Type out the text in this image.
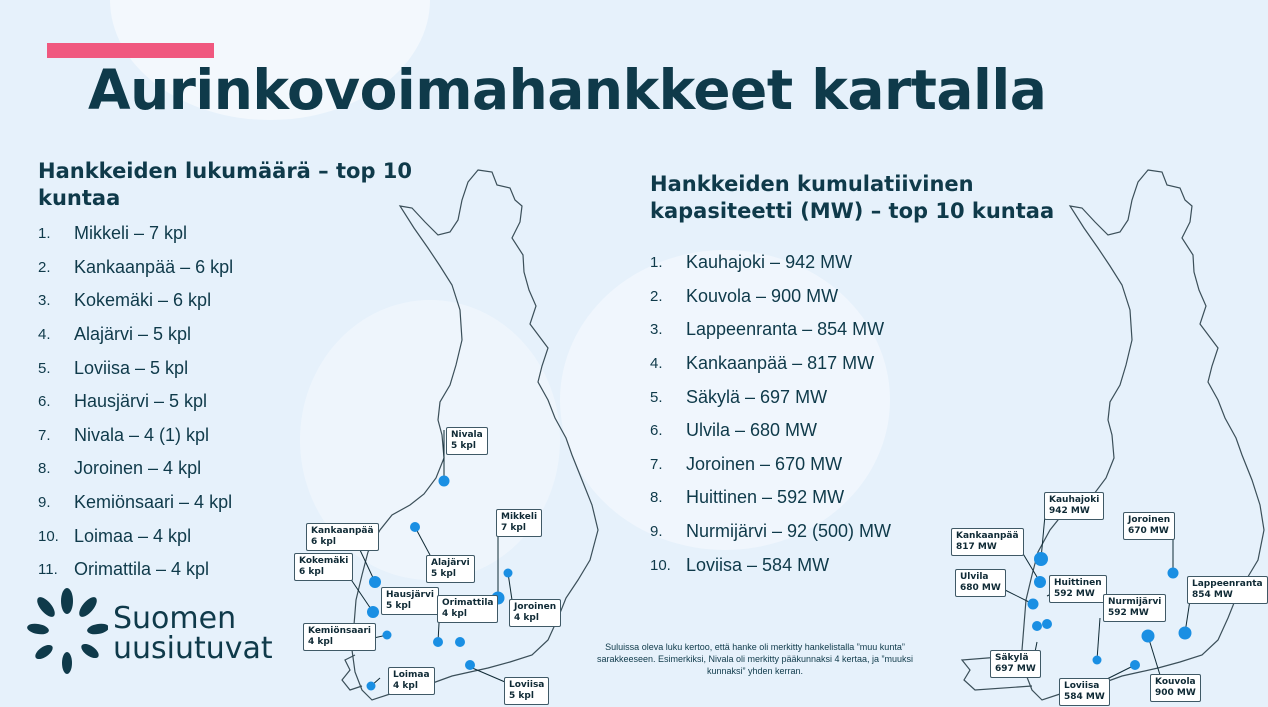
Aurinkovoimahankkeet kartalla
Hankkeiden lukumäärä – top 10
kuntaa
1.	Mikkeli – 7 kpl
2.	Kankaanpää – 6 kpl
3.	Kokemäki – 6 kpl
4.	Alajärvi – 5 kpl
5.	Loviisa – 5 kpl
6.	Hausjärvi – 5 kpl
7.	Nivala – 4 (1) kpl
8.	Joroinen – 4 kpl
9.	Kemiönsaari – 4 kpl
10. Loimaa – 4 kpl
11. Orimattila – 4 kpl
Hankkeiden kumulatiivinen
kapasiteetti (MW) – top 10 kuntaa
1.	Kauhajoki – 942 MW
2.	Kouvola – 900 MW
3.	Lappeenranta – 854 MW
4.	Kankaanpää – 817 MW
5.	Säkylä – 697 MW
6.	Ulvila – 680 MW
7.	Joroinen – 670 MW
8.	Huittinen – 592 MW
9.	Nurmijärvi – 92 (500) MW
10. Loviisa – 584 MW
Nivala
5 kpl
Mikkeli
7 kpl
Kankaanpää
6 kpl
Alajärvi
5 kpl
Kokemäki
6 kpl
Hausjärvi
5 kpl	Orimattila
4 kpl
Joroinen
4 kpl
Kemiönsaari
4 kpl
Loimaa
4 kpl	Loviisa
5 kpl
Kauhajoki
942 MW
Joroinen
670 MW
Kankaanpää
817 MW
Ulvila
680 MW	Huittinen
592 MW
Lappeenranta
854 MW
Nurmijärvi
592 MW
Säkylä
697 MW
Loviisa
584 MW
Kouvola
900 MW
Suluissa oleva luku kertoo, että hanke oli merkitty hankelistalla ”muu kunta”
sarakkeeseen. Esimerkiksi, Nivala oli merkitty pääkunnaksi 4 kertaa, ja ”muuksi
kunnaksi” yhden kerran.
Suomen
uusiutuvat
